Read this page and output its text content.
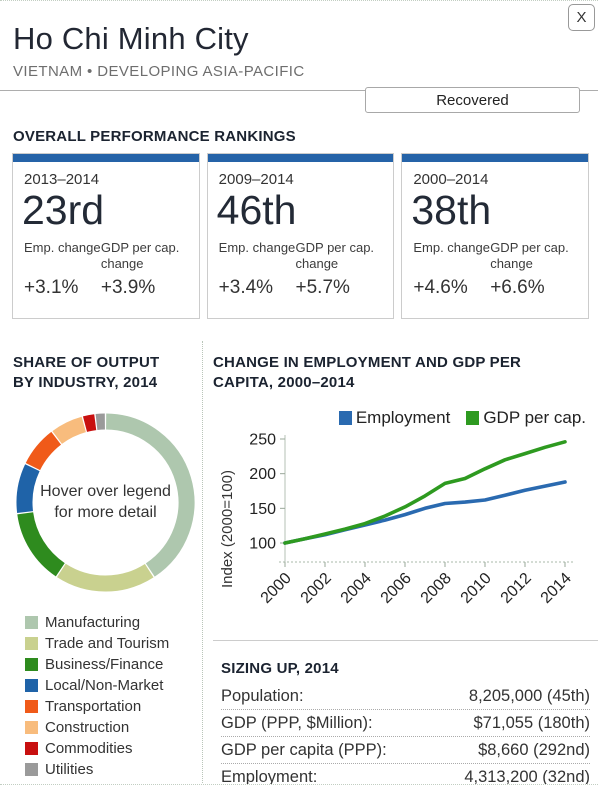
X
Ho Chi Minh City
VIETNAM • DEVELOPING ASIA-PACIFIC
Recovered
OVERALL PERFORMANCE RANKINGS
2013–2014
23rd
Emp. change
+3.1%
GDP per cap. change
+3.9%
2009–2014
46th
Emp. change
+3.4%
GDP per cap. change
+5.7%
2000–2014
38th
Emp. change
+4.6%
GDP per cap. change
+6.6%
SHARE OF OUTPUT
BY INDUSTRY, 2014
Hover over legend
for more detail
Manufacturing
Trade and Tourism
Business/Finance
Local/Non-Market
Transportation
Construction
Commodities
Utilities
CHANGE IN EMPLOYMENT AND GDP PER
CAPITA, 2000–2014
Employment GDP per cap.
Index (2000=100) 100
150
200
250
2000 2002 2004 2006 2008 2010 2012 2014
SIZING UP, 2014
Population:	8,205,000 (45th)
GDP (PPP, $Million):	$71,055 (180th)
GDP per capita (PPP):	$8,660 (292nd)
Employment:	4,313,200 (32nd)
